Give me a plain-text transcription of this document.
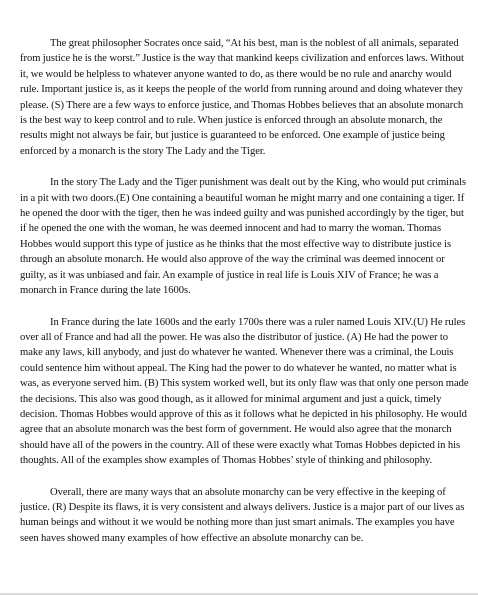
The great philosopher Socrates once said, “At his best, man is the noblest of all animals, separated from justice he is the worst.” Justice is the way that mankind keeps civilization and enforces laws. Without it, we would be helpless to whatever anyone wanted to do, as there would be no rule and anarchy would rule. Important justice is, as it keeps the people of the world from running around and doing whatever they please. (S) There are a few ways to enforce justice, and Thomas Hobbes believes that an absolute monarch is the best way to keep control and to rule. When justice is enforced through an absolute monarch, the results might not always be fair, but justice is guaranteed to be enforced. One example of justice being enforced by a monarch is the story The Lady and the Tiger.

In the story The Lady and the Tiger punishment was dealt out by the King, who would put criminals in a pit with two doors.(E) One containing a beautiful woman he might marry and one containing a tiger. If he opened the door with the tiger, then he was indeed guilty and was punished accordingly by the tiger, but if he opened the one with the woman, he was deemed innocent and had to marry the woman. Thomas Hobbes would support this type of justice as he thinks that the most effective way to distribute justice is through an absolute monarch. He would also approve of the way the criminal was deemed innocent or guilty, as it was unbiased and fair. An example of justice in real life is Louis XIV of France; he was a monarch in France during the late 1600s.

In France during the late 1600s and the early 1700s there was a ruler named Louis XIV.(U) He rules over all of France and had all the power. He was also the distributor of justice. (A) He had the power to make any laws, kill anybody, and just do whatever he wanted. Whenever there was a criminal, the Louis could sentence him without appeal. The King had the power to do whatever he wanted, no matter what is was, as everyone served him. (B) This system worked well, but its only flaw was that only one person made the decisions. This also was good though, as it allowed for minimal argument and just a quick, timely decision. Thomas Hobbes would approve of this as it follows what he depicted in his philosophy. He would agree that an absolute monarch was the best form of government. He would also agree that the monarch should have all of the powers in the country. All of these were exactly what Tomas Hobbes depicted in his thoughts. All of the examples show examples of Thomas Hobbes’ style of thinking and philosophy.

Overall, there are many ways that an absolute monarchy can be very effective in the keeping of justice. (R) Despite its flaws, it is very consistent and always delivers. Justice is a major part of our lives as human beings and without it we would be nothing more than just smart animals. The examples you have seen haves showed many examples of how effective an absolute monarchy can be.
